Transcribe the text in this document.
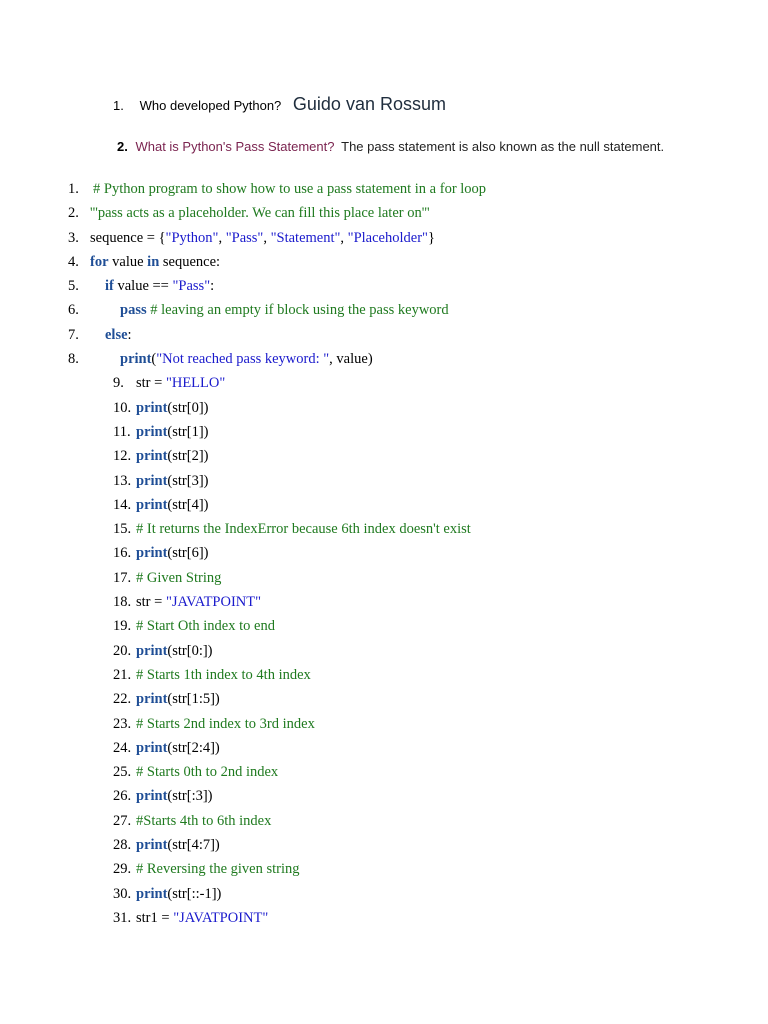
1. Who developed Python? Guido van Rossum
2. What is Python's Pass Statement? The pass statement is also known as the null statement.
1. # Python program to show how to use a pass statement in a for loop
2. '''pass acts as a placeholder. We can fill this place later on'''
3. sequence = {"Python", "Pass", "Statement", "Placeholder"}
4. for value in sequence:
5. if value == "Pass":
6.	pass # leaving an empty if block using the pass keyword
7. else:
8.	print("Not reached pass keyword: ", value)
9. str = "HELLO"
10. print(str[0])
11. print(str[1])
12. print(str[2])
13. print(str[3])
14. print(str[4])
15. # It returns the IndexError because 6th index doesn't exist
16. print(str[6])
17. # Given String
18. str = "JAVATPOINT"
19. # Start Oth index to end
20. print(str[0:])
21. # Starts 1th index to 4th index
22. print(str[1:5])
23. # Starts 2nd index to 3rd index
24. print(str[2:4])
25. # Starts 0th to 2nd index
26. print(str[:3])
27. #Starts 4th to 6th index
28. print(str[4:7])
29. # Reversing the given string
30. print(str[::-1])
31. str1 = "JAVATPOINT"
